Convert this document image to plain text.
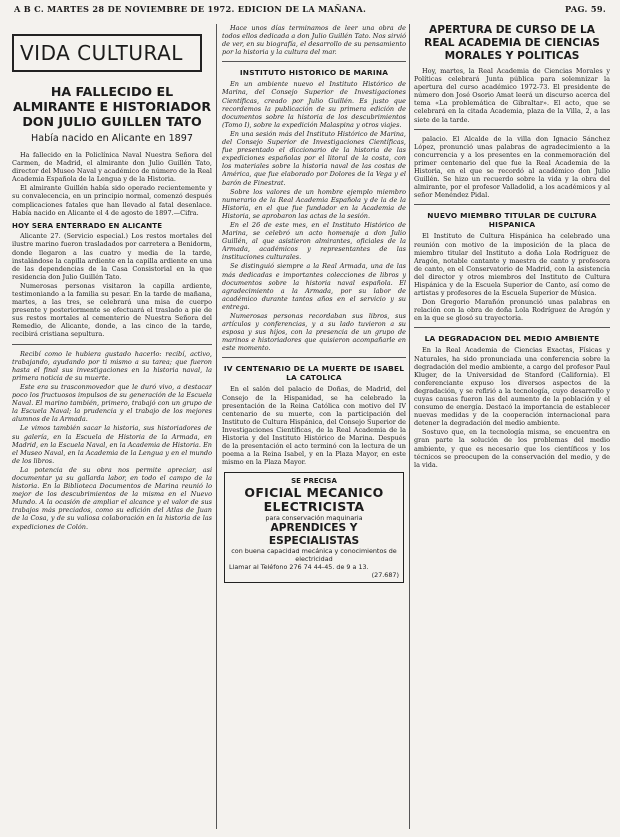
A B C. MARTES 28 DE NOVIEMBRE DE 1972. EDICION DE LA MAÑANA.	PAG. 59.
VIDA CULTURAL
HA FALLECIDO EL ALMIRANTE E HISTORIADOR DON JULIO GUILLEN TATO
Había nacido en Alicante en 1897

Ha fallecido en la Policlínica Naval Nuestra Señora del Carmen, de Madrid, el almirante don Julio Guillén Tato, director del Museo Naval y académico de número de la Real Academia Española de la Lengua y de la Historia.

El almirante Guillén había sido operado recientemente y su convalecencia, en un principio normal, comenzó después complicaciones fatales que han llevado al fatal desenlace. Había nacido en Alicante el 4 de agosto de 1897.—Cifra.

HOY SERA ENTERRADO EN ALICANTE

Alicante 27. (Servicio especial.) Los restos mortales del ilustre marino fueron trasladados por carretera a Benidorm, donde llegaron a las cuatro y media de la tarde, instalándose la capilla ardiente en la capilla ardiente en una de las dependencias de la Casa Consistorial en la que residencia don Julio Guillén Tato.

Numerosas personas visitaron la capilla ardiente, testimoniando a la familia su pesar. En la tarde de mañana, martes, a las tres, se celebrará una misa de cuerpo presente y posteriormente se efectuará el traslado a pie de sus restos mortales al cementerio de Nuestra Señora del Remedio, de Alicante, donde, a las cinco de la tarde, recibirá cristiana sepultura.

Recibí como le hubiera gustado hacerlo: recibí, activo, trabajando, ayudando por ti mismo a su tarea; que fueron hasta el final sus investigaciones en la historia naval, la primera noticia de su muerte.

Este era su trasconmovedor que le duró vivo, a destacar poco los fructuosos impulsos de su generación de la Escuela Naval. El marino también, primero, trabajó con un grupo de la Escuela Naval; la prudencia y el trabajo de los mejores alumnos de la Armada.

Le vimos también sacar la historia, sus historiadores de su galería, en la Escuela de Historia de la Armada, en Madrid, en la Escuela Naval, en la Academia de Historia. En el Museo Naval, en la Academia de la Lengua y en el mundo de los libros.

La potencia de su obra nos permite apreciar, así documentar ya su gallarda labor, en todo el campo de la historia. En la Biblioteca Documentos de Marina reunió lo mejor de los descubrimientos de la misma en el Nuevo Mundo. A la ocasión de ampliar el alcance y el valor de sus trabajos más preciados, como su edición del Atlas de Juan de la Cosa, y de su valiosa colaboración en la historia de las expediciones de Colón.

Hace unos días terminamos de leer una obra de todos ellos dedicada a don Julio Guillén Tato. Nos sirvió de ver, en su biografía, el desarrollo de su pensamiento por la historia y la cultura del mar.

INSTITUTO HISTORICO DE MARINA

En un ambiente nuevo el Instituto Histórico de Marina, del Consejo Superior de Investigaciones Científicas, creado por Julio Guillén. Es justo que recordemos la publicación de su primera edición de documentos sobre la historia de los descubrimientos (Tomo I), sobre la expedición Malaspina y otros viajes.

En una sesión más del Instituto Histórico de Marina, del Consejo Superior de Investigaciones Científicas, fue presentado el diccionario de la historia de las expediciones españolas por el litoral de la costa, con los materiales sobre la historia naval de las costas de América, que fue elaborado por Dolores de la Vega y el barón de Finestrat.

Sobre los valores de un hombre ejemplo miembro numerario de la Real Academia Española y de la de la Historia, en el que fue fundador en la Academia de Historia, se aprobaron las actas de la sesión.

En el 26 de este mes, en el Instituto Histórico de Marina, se celebró un acto homenaje a don Julio Guillén, al que asistieron almirantes, oficiales de la Armada, académicos y representantes de las instituciones culturales.

Se distinguió siempre a la Real Armada, una de las más dedicadas e importantes colecciones de libros y documentos sobre la historia naval española. El agradecimiento a la Armada, por su labor de académico durante tantos años en el servicio y su entrega.

Numerosas personas recordaban sus libros, sus artículos y conferencias, y a su lado tuvieron a su esposa y sus hijos, con la presencia de un grupo de marinos e historiadores que quisieron acompañarle en este momento.

IV CENTENARIO DE LA MUERTE DE ISABEL LA CATOLICA

En el salón del palacio de Doñas, de Madrid, del Consejo de la Hispanidad, se ha celebrado la presentación de la Reina Católica con motivo del IV centenario de su muerte, con la participación del Instituto de Cultura Hispánica, del Consejo Superior de Investigaciones Científicas, de la Real Academia de la Historia y del Instituto Histórico de Marina. Después de la presentación el acto terminó con la lectura de un poema a la Reina Isabel, y en la Plaza Mayor, en este mismo en la Plaza Mayor.

SE PRECISA
OFICIAL MECANICO ELECTRICISTA
para conservación maquinaria
APRENDICES Y ESPECIALISTAS
con buena capacidad mecánica y conocimientos de electricidad
Llamar al Teléfono 276 74 44-45. de 9 a 13.
(27.687)
APERTURA DE CURSO DE LA REAL ACADEMIA DE CIENCIAS MORALES Y POLITICAS

Hoy, martes, la Real Academia de Ciencias Morales y Políticas celebrará Junta pública para solemnizar la apertura del curso académico 1972-73. El presidente de número don José Osorio Amat leerá un discurso acerca del tema «La problemática de Gibraltar». El acto, que se celebrará en la citada Academia, plaza de la Villa, 2, a las siete de la tarde.

palacio. El Alcalde de la villa don Ignacio Sánchez López, pronunció unas palabras de agradecimiento a la concurrencia y a los presentes en la conmemoración del primer centenario del que fue la Real Academia de la Historia, en el que se recordó al académico don Julio Guillén. Se hizo un recuerdo sobre la vida y la obra del almirante, por el profesor Valladolid, a los académicos y al señor Menéndez Pidal.

NUEVO MIEMBRO TITULAR DE CULTURA HISPANICA

El Instituto de Cultura Hispánica ha celebrado una reunión con motivo de la imposición de la placa de miembro titular del Instituto a doña Lola Rodríguez de Aragón, notable cantante y maestra de canto y profesora de canto, en el Conservatorio de Madrid, con la asistencia del director y otros miembros del Instituto de Cultura Hispánica y de la Escuela Superior de Canto, así como de artistas y profesores de la Escuela Superior de Música.

Don Gregorio Marañón pronunció unas palabras en relación con la obra de doña Lola Rodríguez de Aragón y en la que se glosó su trayectoria.

LA DEGRADACION DEL MEDIO AMBIENTE

En la Real Academia de Ciencias Exactas, Físicas y Naturales, ha sido pronunciada una conferencia sobre la degradación del medio ambiente, a cargo del profesor Paul Kluger, de la Universidad de Stanford (California). El conferenciante expuso los diversos aspectos de la degradación, y se refirió a la tecnología, cuyo desarrollo y cuyas causas fueron las del aumento de la población y el consumo de energía. Destacó la importancia de establecer nuevas medidas y de la cooperación internacional para detener la degradación del medio ambiente.

Sostuvo que, en la tecnología misma, se encuentra en gran parte la solución de los problemas del medio ambiente, y que es necesario que los científicos y los técnicos se preocupen de la conservación del medio, y de la vida.
